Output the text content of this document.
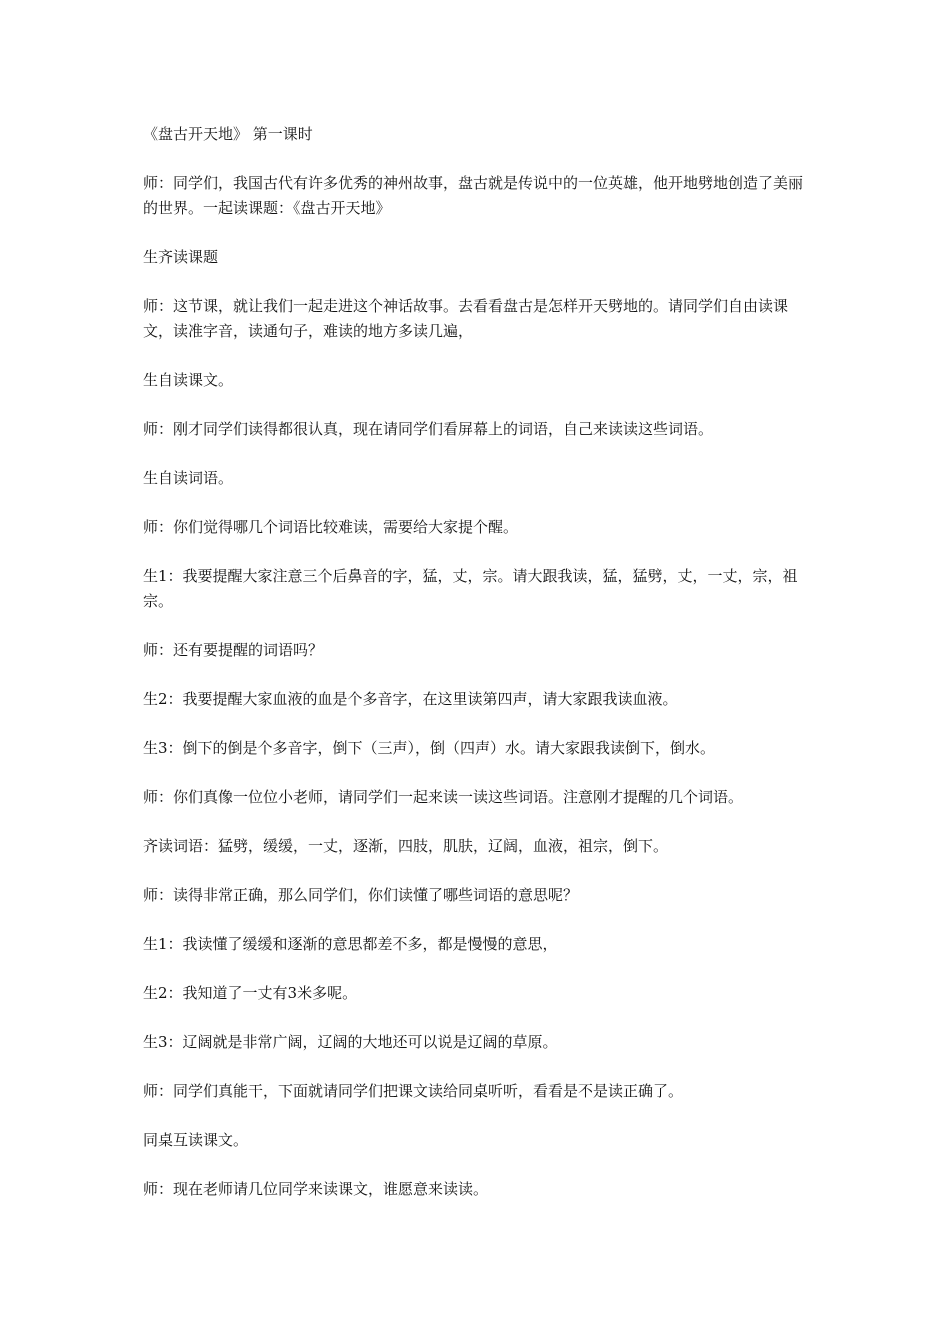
《盘古开天地》 第一课时

师：同学们，我国古代有许多优秀的神州故事，盘古就是传说中的一位英雄，他开地劈地创造了美丽的世界。一起读课题：《盘古开天地》

生齐读课题

师：这节课，就让我们一起走进这个神话故事。去看看盘古是怎样开天劈地的。请同学们自由读课文，读准字音，读通句子，难读的地方多读几遍，

生自读课文。

师：刚才同学们读得都很认真，现在请同学们看屏幕上的词语，自己来读读这些词语。

生自读词语。

师：你们觉得哪几个词语比较难读，需要给大家提个醒。

生1：我要提醒大家注意三个后鼻音的字，猛，丈，宗。请大跟我读，猛，猛劈，丈，一丈，宗，祖宗。

师：还有要提醒的词语吗？

生2：我要提醒大家血液的血是个多音字，在这里读第四声，请大家跟我读血液。

生3：倒下的倒是个多音字，倒下（三声），倒（四声）水。请大家跟我读倒下，倒水。

师：你们真像一位位小老师，请同学们一起来读一读这些词语。注意刚才提醒的几个词语。

齐读词语：猛劈，缓缓，一丈，逐渐，四肢，肌肤，辽阔，血液，祖宗，倒下。

师：读得非常正确，那么同学们，你们读懂了哪些词语的意思呢？

生1：我读懂了缓缓和逐渐的意思都差不多，都是慢慢的意思，

生2：我知道了一丈有3米多呢。

生3：辽阔就是非常广阔，辽阔的大地还可以说是辽阔的草原。

师：同学们真能干，下面就请同学们把课文读给同桌听听，看看是不是读正确了。

同桌互读课文。

师：现在老师请几位同学来读课文，谁愿意来读读。
